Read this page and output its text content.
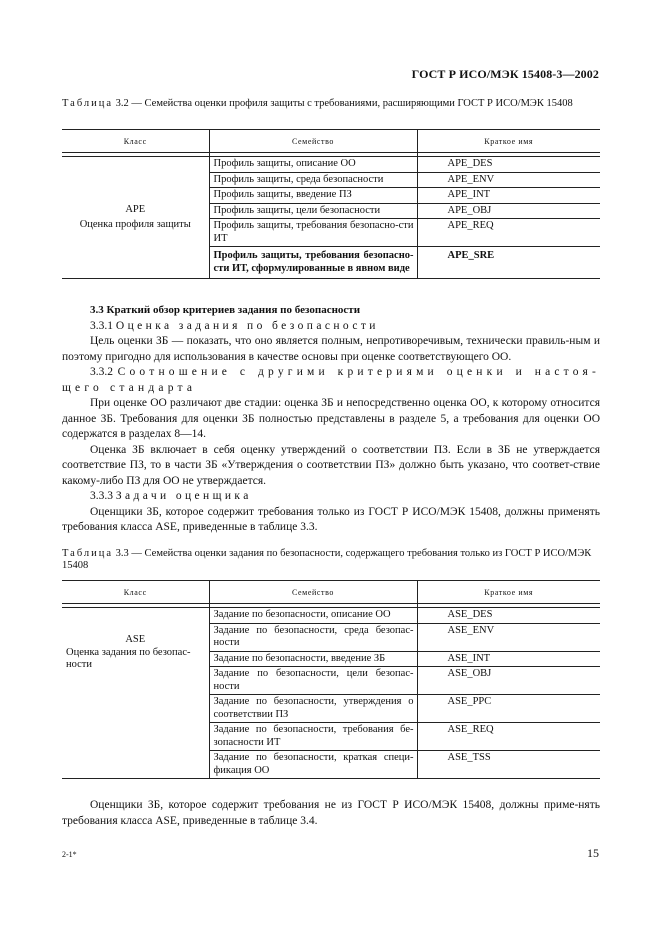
ГОСТ Р ИСО/МЭК 15408-3—2002
Таблица 3.2 — Семейства оценки профиля защиты с требованиями, расширяющими ГОСТ Р ИСО/МЭК 15408
Класс	Семейство	Краткое имя

APE
Оценка профиля защиты	Профиль защиты, описание ОО	APE_DES
	Профиль защиты, среда безопасности	APE_ENV
	Профиль защиты, введение ПЗ	APE_INT
	Профиль защиты, цели безопасности	APE_OBJ
	Профиль защиты, требования безопасно-сти ИТ	APE_REQ
	Профиль защиты, требования безопасно-сти ИТ, сформулированные в явном виде	APE_SRE

3.3 Краткий обзор критериев задания по безопасности

3.3.1 Оценка задания по безопасности

Цель оценки ЗБ — показать, что оно является полным, непротиворечивым, технически правиль-ным и поэтому пригодно для использования в качестве основы при оценке соответствующего ОО.

3.3.2 Соотношение с другими критериями оценки и настоя-щего стандарта

При оценке ОО различают две стадии: оценка ЗБ и непосредственно оценка ОО, к которому относится данное ЗБ. Требования для оценки ЗБ полностью представлены в разделе 5, а требования для оценки ОО содержатся в разделах 8—14.

Оценка ЗБ включает в себя оценку утверждений о соответствии ПЗ. Если в ЗБ не утверждается соответствие ПЗ, то в части ЗБ «Утверждения о соответствии ПЗ» должно быть указано, что соответ-ствие какому-либо ПЗ для ОО не утверждается.

3.3.3 Задачи оценщика

Оценщики ЗБ, которое содержит требования только из ГОСТ Р ИСО/МЭК 15408, должны применять требования класса ASE, приведенные в таблице 3.3.

Таблица 3.3 — Семейства оценки задания по безопасности, содержащего требования только из ГОСТ Р ИСО/МЭК 15408
Класс	Семейство	Краткое имя

ASE
Оценка задания по безопас-ности	Задание по безопасности, описание ОО	ASE_DES
	Задание по безопасности, среда безопас-ности	ASE_ENV
	Задание по безопасности, введение ЗБ	ASE_INT
	Задание по безопасности, цели безопас-ности	ASE_OBJ
	Задание по безопасности, утверждения о соответствии ПЗ	ASE_PPC
	Задание по безопасности, требования бе-зопасности ИТ	ASE_REQ
	Задание по безопасности, краткая специ-фикация ОО	ASE_TSS

Оценщики ЗБ, которое содержит требования не из ГОСТ Р ИСО/МЭК 15408, должны приме-нять требования класса ASE, приведенные в таблице 3.4.

2-1*	15
